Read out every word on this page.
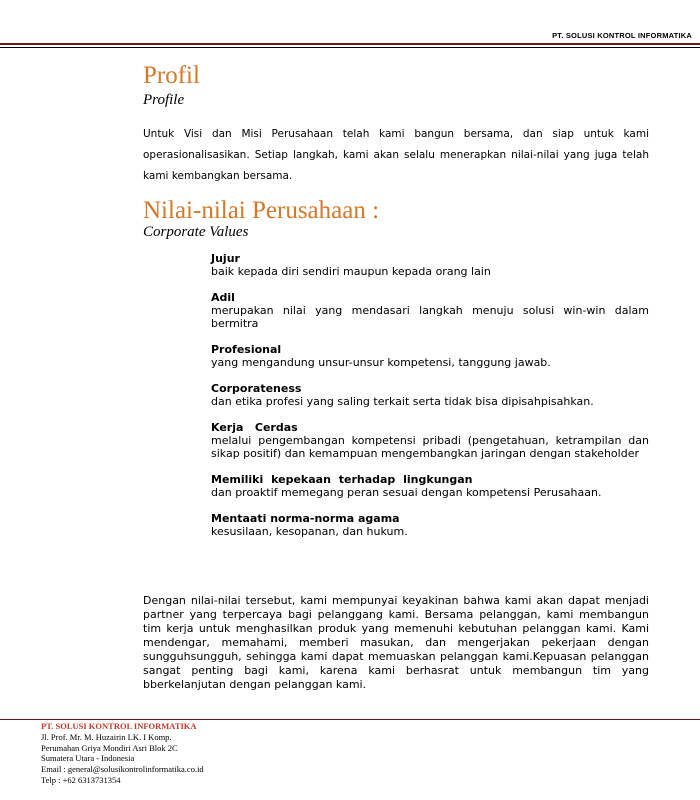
PT. SOLUSI KONTROL INFORMATIKA
Profil
Profile

Untuk Visi dan Misi Perusahaan telah kami bangun bersama, dan siap untuk kami operasionalisasikan. Setiap langkah, kami akan selalu menerapkan nilai-nilai yang juga telah kami kembangkan bersama.

Nilai-nilai Perusahaan :
Corporate Values
Jujur
baik kepada diri sendiri maupun kepada orang lain
Adil
merupakan nilai yang mendasari langkah menuju solusi win-win dalam bermitra
Profesional
yang mengandung unsur-unsur kompetensi, tanggung jawab.
Corporateness
dan etika profesi yang saling terkait serta tidak bisa dipisahpisahkan.
Kerja   Cerdas
melalui pengembangan kompetensi pribadi (pengetahuan, ketrampilan dan sikap positif) dan kemampuan mengembangkan jaringan dengan stakeholder
Memiliki kepekaan terhadap lingkungan
dan proaktif memegang peran sesuai dengan kompetensi Perusahaan.
Mentaati norma-norma agama
kesusilaan, kesopanan, dan hukum.

Dengan nilai-nilai tersebut, kami mempunyai keyakinan bahwa kami akan dapat menjadi partner yang terpercaya bagi pelanggang kami. Bersama pelanggan, kami membangun tim kerja untuk menghasilkan produk yang memenuhi kebutuhan pelanggan kami. Kami mendengar, memahami, memberi masukan, dan mengerjakan pekerjaan dengan sungguhsungguh, sehingga kami dapat memuaskan pelanggan kami.Kepuasan pelanggan sangat penting bagi kami, karena kami berhasrat untuk membangun tim yang bberkelanjutan dengan pelanggan kami.

PT. SOLUSI KONTROL INFORMATIKA
Jl. Prof. Mr. M. Huzairin LK. I Komp.
Perumahan Griya Mondiri Asri Blok 2C
Sumatera Utara - Indonesia
Email : general@solusikontrolinformatika.co.id
Telp : +62 6313731354
